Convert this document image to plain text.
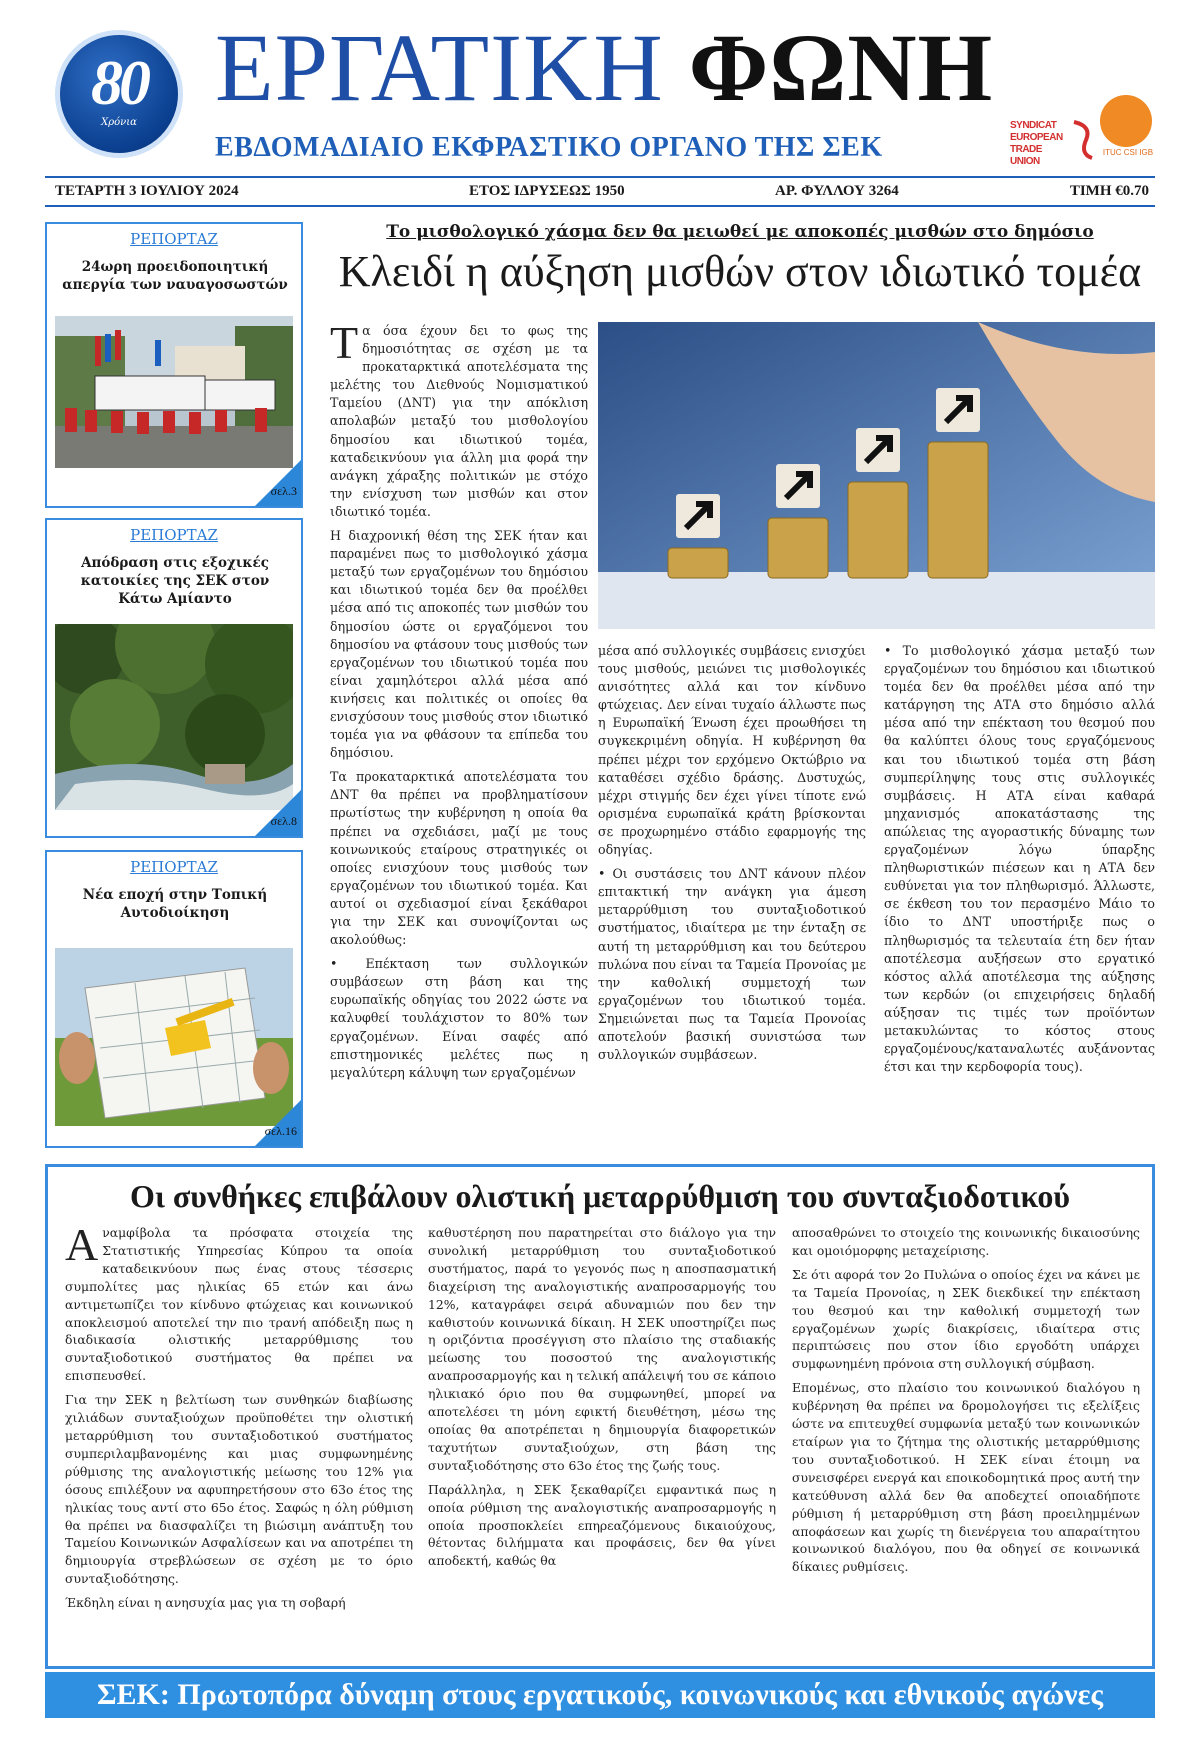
80
Χρόνια
ΕΡΓΑΤΙΚΗ ΦΩΝΗ
ΕΒΔΟΜΑΔΙΑΙΟ ΕΚΦΡΑΣΤΙΚΟ ΟΡΓΑΝΟ ΤΗΣ ΣΕΚ
SYNDICAT
EUROPEAN
TRADE UNION
ITUC CSI IGB
ΤΕΤΑΡΤΗ 3 ΙΟΥΛΙΟΥ 2024	ΕΤΟΣ ΙΔΡΥΣΕΩΣ 1950	ΑΡ. ΦΥΛΛΟΥ 3264	ΤΙΜΗ €0.70
ΡΕΠΟΡΤΑΖ
24ωρη προειδοποιητική απεργία των ναυαγοσωστών
σελ.3
ΡΕΠΟΡΤΑΖ
Απόδραση στις εξοχικές κατοικίες της ΣΕΚ στον Κάτω Αμίαντο
σελ.8
ΡΕΠΟΡΤΑΖ
Νέα εποχή στην Τοπική Αυτοδιοίκηση
σελ.16
Το μισθολογικό χάσμα δεν θα μειωθεί με αποκοπές μισθών στο δημόσιο
Κλειδί η αύξηση μισθών στον ιδιωτικό τομέα

Τα όσα έχουν δει το φως της δημοσιότητας σε σχέση με τα προκαταρκτικά αποτελέσματα της μελέτης του Διεθνούς Νομισματικού Ταμείου (ΔΝΤ) για την απόκλιση απολαβών μεταξύ του μισθολογίου δημοσίου και ιδιωτικού τομέα, καταδεικνύουν για άλλη μια φορά την ανάγκη χάραξης πολιτικών με στόχο την ενίσχυση των μισθών και στον ιδιωτικό τομέα.

Η διαχρονική θέση της ΣΕΚ ήταν και παραμένει πως το μισθολογικό χάσμα μεταξύ των εργαζομένων του δημόσιου και ιδιωτικού τομέα δεν θα προέλθει μέσα από τις αποκοπές των μισθών του δημοσίου ώστε οι εργαζόμενοι του δημοσίου να φτάσουν τους μισθούς των εργαζομένων του ιδιωτικού τομέα που είναι χαμηλότεροι αλλά μέσα από κινήσεις και πολιτικές οι οποίες θα ενισχύσουν τους μισθούς στον ιδιωτικό τομέα για να φθάσουν τα επίπεδα του δημόσιου.

Τα προκαταρκτικά αποτελέσματα του ΔΝΤ θα πρέπει να προβληματίσουν πρωτίστως την κυβέρνηση η οποία θα πρέπει να σχεδιάσει, μαζί με τους κοινωνικούς εταίρους στρατηγικές οι οποίες ενισχύουν τους μισθούς των εργαζομένων του ιδιωτικού τομέα. Και αυτοί οι σχεδιασμοί είναι ξεκάθαροι για την ΣΕΚ και συνοψίζονται ως ακολούθως:

• Επέκταση των συλλογικών συμβάσεων στη βάση και της ευρωπαϊκής οδηγίας του 2022 ώστε να καλυφθεί τουλάχιστον το 80% των εργαζομένων. Είναι σαφές από επιστημονικές μελέτες πως η μεγαλύτερη κάλυψη των εργαζομένων

μέσα από συλλογικές συμβάσεις ενισχύει τους μισθούς, μειώνει τις μισθολογικές ανισότητες αλλά και τον κίνδυνο φτώχειας. Δεν είναι τυχαίο άλλωστε πως η Ευρωπαϊκή Ένωση έχει προωθήσει τη συγκεκριμένη οδηγία. Η κυβέρνηση θα πρέπει μέχρι τον ερχόμενο Οκτώβριο να καταθέσει σχέδιο δράσης. Δυστυχώς, μέχρι στιγμής δεν έχει γίνει τίποτε ενώ ορισμένα ευρωπαϊκά κράτη βρίσκονται σε προχωρημένο στάδιο εφαρμογής της οδηγίας.

• Οι συστάσεις του ΔΝΤ κάνουν πλέον επιτακτική την ανάγκη για άμεση μεταρρύθμιση του συνταξιοδοτικού συστήματος, ιδιαίτερα με την ένταξη σε αυτή τη μεταρρύθμιση και του δεύτερου πυλώνα που είναι τα Ταμεία Προνοίας με την καθολική συμμετοχή των εργαζομένων του ιδιωτικού τομέα. Σημειώνεται πως τα Ταμεία Προνοίας αποτελούν βασική συνιστώσα των συλλογικών συμβάσεων.

• Το μισθολογικό χάσμα μεταξύ των εργαζομένων του δημόσιου και ιδιωτικού τομέα δεν θα προέλθει μέσα από την κατάργηση της ΑΤΑ στο δημόσιο αλλά μέσα από την επέκταση του θεσμού που θα καλύπτει όλους τους εργαζόμενους και του ιδιωτικού τομέα στη βάση συμπερίληψης τους στις συλλογικές συμβάσεις. Η ΑΤΑ είναι καθαρά μηχανισμός αποκατάστασης της απώλειας της αγοραστικής δύναμης των εργαζομένων λόγω ύπαρξης πληθωριστικών πιέσεων και η ΑΤΑ δεν ευθύνεται για τον πληθωρισμό. Άλλωστε, σε έκθεση του τον περασμένο Μάιο το ίδιο το ΔΝΤ υποστήριξε πως ο πληθωρισμός τα τελευταία έτη δεν ήταν αποτέλεσμα αυξήσεων στο εργατικό κόστος αλλά αποτέλεσμα της αύξησης των κερδών (οι επιχειρήσεις δηλαδή αύξησαν τις τιμές των προϊόντων μετακυλώντας το κόστος στους εργαζομένους/καταναλωτές αυξάνοντας έτσι και την κερδοφορία τους).

Οι συνθήκες επιβάλουν ολιστική μεταρρύθμιση του συνταξιοδοτικού

Αναμφίβολα τα πρόσφατα στοιχεία της Στατιστικής Υπηρεσίας Κύπρου τα οποία καταδεικνύουν πως ένας στους τέσσερις συμπολίτες μας ηλικίας 65 ετών και άνω αντιμετωπίζει τον κίνδυνο φτώχειας και κοινωνικού αποκλεισμού αποτελεί την πιο τρανή απόδειξη πως η διαδικασία ολιστικής μεταρρύθμισης του συνταξιοδοτικού συστήματος θα πρέπει να επισπευσθεί.

Για την ΣΕΚ η βελτίωση των συνθηκών διαβίωσης χιλιάδων συνταξιούχων προϋποθέτει την ολιστική μεταρρύθμιση του συνταξιοδοτικού συστήματος συμπεριλαμβανομένης και μιας συμφωνημένης ρύθμισης της αναλογιστικής μείωσης του 12% για όσους επιλέξουν να αφυπηρετήσουν στο 63ο έτος της ηλικίας τους αντί στο 65ο έτος. Σαφώς η όλη ρύθμιση θα πρέπει να διασφαλίζει τη βιώσιμη ανάπτυξη του Ταμείου Κοινωνικών Ασφαλίσεων και να αποτρέπει τη δημιουργία στρεβλώσεων σε σχέση με το όριο συνταξιοδότησης.

Έκδηλη είναι η ανησυχία μας για τη σοβαρή

καθυστέρηση που παρατηρείται στο διάλογο για την συνολική μεταρρύθμιση του συνταξιοδοτικού συστήματος, παρά το γεγονός πως η αποσπασματική διαχείριση της αναλογιστικής αναπροσαρμογής του 12%, καταγράφει σειρά αδυναμιών που δεν την καθιστούν κοινωνικά δίκαιη. Η ΣΕΚ υποστηρίζει πως η οριζόντια προσέγγιση στο πλαίσιο της σταδιακής μείωσης του ποσοστού της αναλογιστικής αναπροσαρμογής και η τελική απάλειψή του σε κάποιο ηλικιακό όριο που θα συμφωνηθεί, μπορεί να αποτελέσει τη μόνη εφικτή διευθέτηση, μέσω της οποίας θα αποτρέπεται η δημιουργία διαφορετικών ταχυτήτων συνταξιούχων, στη βάση της συνταξιοδότησης στο 63ο έτος της ζωής τους.

Παράλληλα, η ΣΕΚ ξεκαθαρίζει εμφαντικά πως η οποία ρύθμιση της αναλογιστικής αναπροσαρμογής η οποία προσποκλείει επηρεαζόμενους δικαιούχους, θέτοντας διλήμματα και προφάσεις, δεν θα γίνει αποδεκτή, καθώς θα

αποσαθρώνει το στοιχείο της κοινωνικής δικαιοσύνης και ομοιόμορφης μεταχείρισης.

Σε ότι αφορά τον 2ο Πυλώνα ο οποίος έχει να κάνει με τα Ταμεία Προνοίας, η ΣΕΚ διεκδικεί την επέκταση του θεσμού και την καθολική συμμετοχή των εργαζομένων χωρίς διακρίσεις, ιδιαίτερα στις περιπτώσεις που στον ίδιο εργοδότη υπάρχει συμφωνημένη πρόνοια στη συλλογική σύμβαση.

Επομένως, στο πλαίσιο του κοινωνικού διαλόγου η κυβέρνηση θα πρέπει να δρομολογήσει τις εξελίξεις ώστε να επιτευχθεί συμφωνία μεταξύ των κοινωνικών εταίρων για το ζήτημα της ολιστικής μεταρρύθμισης του συνταξιοδοτικού. Η ΣΕΚ είναι έτοιμη να συνεισφέρει ενεργά και εποικοδομητικά προς αυτή την κατεύθυνση αλλά δεν θα αποδεχτεί οποιαδήποτε ρύθμιση ή μεταρρύθμιση στη βάση προειλημμένων αποφάσεων και χωρίς τη διενέργεια του απαραίτητου κοινωνικού διαλόγου, που θα οδηγεί σε κοινωνικά δίκαιες ρυθμίσεις.

ΣΕΚ: Πρωτοπόρα δύναμη στους εργατικούς, κοινωνικούς και εθνικούς αγώνες
